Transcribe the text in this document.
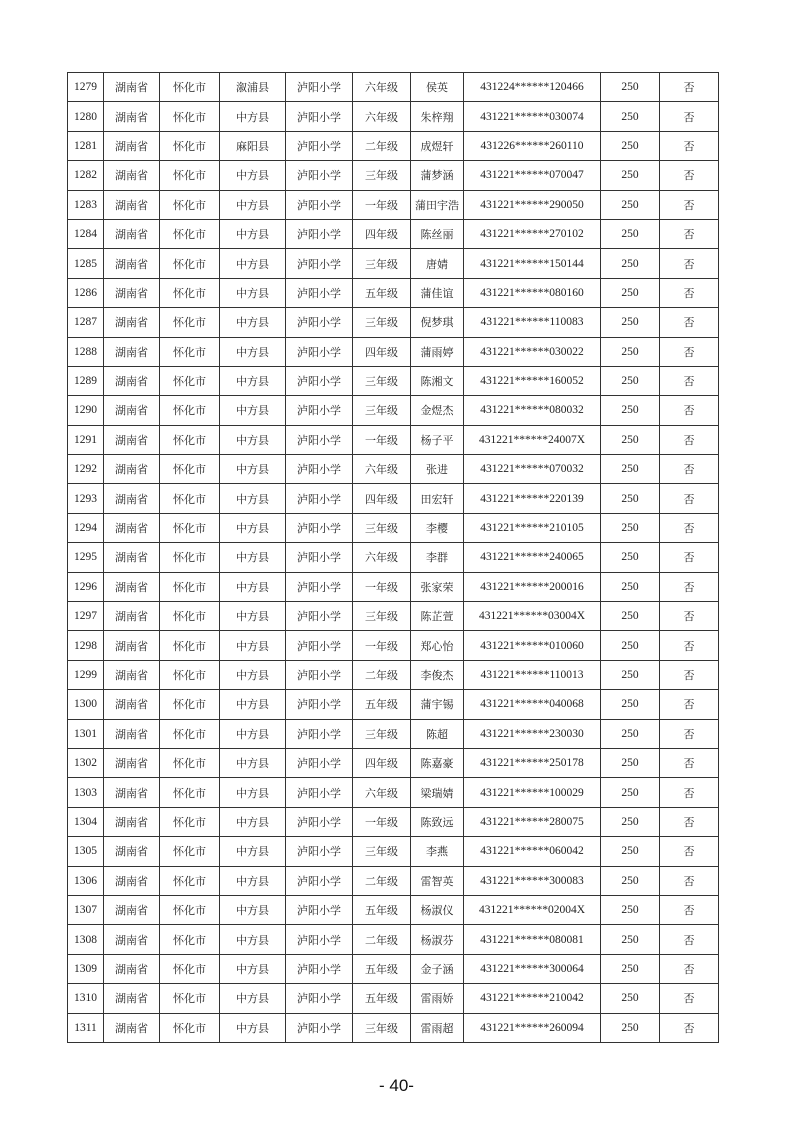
1279	湖南省	怀化市	溆浦县	泸阳小学	六年级	侯英	431224******120466	250	否
1280	湖南省	怀化市	中方县	泸阳小学	六年级	朱梓翔	431221******030074	250	否
1281	湖南省	怀化市	麻阳县	泸阳小学	二年级	成煜轩	431226******260110	250	否
1282	湖南省	怀化市	中方县	泸阳小学	三年级	蒲梦涵	431221******070047	250	否
1283	湖南省	怀化市	中方县	泸阳小学	一年级	蒲田宇浩	431221******290050	250	否
1284	湖南省	怀化市	中方县	泸阳小学	四年级	陈丝丽	431221******270102	250	否
1285	湖南省	怀化市	中方县	泸阳小学	三年级	唐婧	431221******150144	250	否
1286	湖南省	怀化市	中方县	泸阳小学	五年级	蒲佳谊	431221******080160	250	否
1287	湖南省	怀化市	中方县	泸阳小学	三年级	倪梦琪	431221******110083	250	否
1288	湖南省	怀化市	中方县	泸阳小学	四年级	蒲雨婷	431221******030022	250	否
1289	湖南省	怀化市	中方县	泸阳小学	三年级	陈湘文	431221******160052	250	否
1290	湖南省	怀化市	中方县	泸阳小学	三年级	金煜杰	431221******080032	250	否
1291	湖南省	怀化市	中方县	泸阳小学	一年级	杨子平	431221******24007X	250	否
1292	湖南省	怀化市	中方县	泸阳小学	六年级	张进	431221******070032	250	否
1293	湖南省	怀化市	中方县	泸阳小学	四年级	田宏轩	431221******220139	250	否
1294	湖南省	怀化市	中方县	泸阳小学	三年级	李樱	431221******210105	250	否
1295	湖南省	怀化市	中方县	泸阳小学	六年级	李群	431221******240065	250	否
1296	湖南省	怀化市	中方县	泸阳小学	一年级	张家荣	431221******200016	250	否
1297	湖南省	怀化市	中方县	泸阳小学	三年级	陈芷萱	431221******03004X	250	否
1298	湖南省	怀化市	中方县	泸阳小学	一年级	郑心怡	431221******010060	250	否
1299	湖南省	怀化市	中方县	泸阳小学	二年级	李俊杰	431221******110013	250	否
1300	湖南省	怀化市	中方县	泸阳小学	五年级	蒲宇锡	431221******040068	250	否
1301	湖南省	怀化市	中方县	泸阳小学	三年级	陈超	431221******230030	250	否
1302	湖南省	怀化市	中方县	泸阳小学	四年级	陈嘉豪	431221******250178	250	否
1303	湖南省	怀化市	中方县	泸阳小学	六年级	梁瑞婧	431221******100029	250	否
1304	湖南省	怀化市	中方县	泸阳小学	一年级	陈致远	431221******280075	250	否
1305	湖南省	怀化市	中方县	泸阳小学	三年级	李燕	431221******060042	250	否
1306	湖南省	怀化市	中方县	泸阳小学	二年级	雷智英	431221******300083	250	否
1307	湖南省	怀化市	中方县	泸阳小学	五年级	杨淑仪	431221******02004X	250	否
1308	湖南省	怀化市	中方县	泸阳小学	二年级	杨淑芬	431221******080081	250	否
1309	湖南省	怀化市	中方县	泸阳小学	五年级	金子涵	431221******300064	250	否
1310	湖南省	怀化市	中方县	泸阳小学	五年级	雷雨娇	431221******210042	250	否
1311	湖南省	怀化市	中方县	泸阳小学	三年级	雷雨超	431221******260094	250	否
- 40-
